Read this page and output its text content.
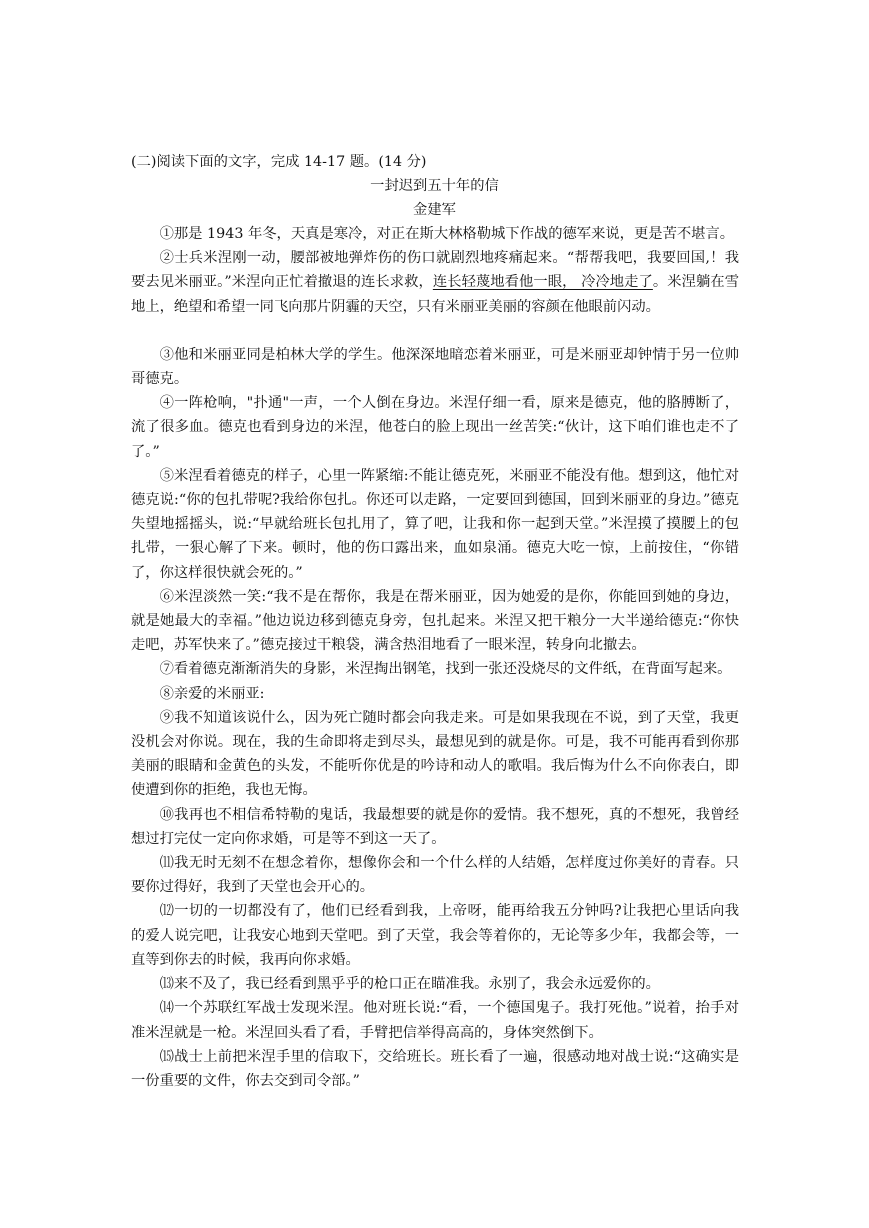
(二)阅读下面的文字，完成 14-17 题。(14 分)
一封迟到五十年的信
金建军

①那是 1943 年冬，天真是寒冷，对正在斯大林格勒城下作战的德军来说，更是苦不堪言。

②士兵米涅刚一动，腰部被地弹炸伤的伤口就剧烈地疼痛起来。“帮帮我吧，我要回国,！我要去见米丽亚。”米涅向正忙着撤退的连长求救，连长轻蔑地看他一眼， 冷冷地走了。米涅躺在雪地上，绝望和希望一同飞向那片阴霾的天空，只有米丽亚美丽的容颜在他眼前闪动。

③他和米丽亚同是柏林大学的学生。他深深地暗恋着米丽亚，可是米丽亚却钟情于另一位帅哥德克。

④一阵枪响，"扑通"一声，一个人倒在身边。米涅仔细一看，原来是德克，他的胳膊断了，流了很多血。德克也看到身边的米涅，他苍白的脸上现出一丝苦笑:“伙计，这下咱们谁也走不了了。”

⑤米涅看着德克的样子，心里一阵紧缩:不能让德克死，米丽亚不能没有他。想到这，他忙对德克说:“你的包扎带呢?我给你包扎。你还可以走路，一定要回到德国，回到米丽亚的身边。”德克失望地摇摇头，说:“早就给班长包扎用了，算了吧，让我和你一起到天堂。”米涅摸了摸腰上的包扎带，一狠心解了下来。顿时，他的伤口露出来，血如泉涌。德克大吃一惊，上前按住，“你错了，你这样很快就会死的。”

⑥米涅淡然一笑:“我不是在帮你，我是在帮米丽亚，因为她爱的是你，你能回到她的身边，就是她最大的幸福。”他边说边移到德克身旁，包扎起来。米涅又把干粮分一大半递给德克:“你快走吧，苏军快来了。”德克接过干粮袋，满含热泪地看了一眼米涅，转身向北撤去。

⑦看着德克渐渐消失的身影，米涅掏出钢笔，找到一张还没烧尽的文件纸，在背面写起来。

⑧亲爱的米丽亚:

⑨我不知道该说什么，因为死亡随时都会向我走来。可是如果我现在不说，到了天堂，我更没机会对你说。现在，我的生命即将走到尽头，最想见到的就是你。可是，我不可能再看到你那美丽的眼睛和金黄色的头发，不能听你优是的吟诗和动人的歌唱。我后悔为什么不向你表白，即使遭到你的拒绝，我也无悔。

⑩我再也不相信希特勒的鬼话，我最想要的就是你的爱情。我不想死，真的不想死，我曾经想过打完仗一定向你求婚，可是等不到这一天了。

⑾我无时无刻不在想念着你，想像你会和一个什么样的人结婚，怎样度过你美好的青春。只要你过得好，我到了天堂也会开心的。

⑿一切的一切都没有了，他们已经看到我，上帝呀，能再给我五分钟吗?让我把心里话向我的爱人说完吧，让我安心地到天堂吧。到了天堂，我会等着你的，无论等多少年，我都会等，一直等到你去的时候，我再向你求婚。

⒀来不及了，我已经看到黑乎乎的枪口正在瞄准我。永别了，我会永远爱你的。

⒁一个苏联红军战士发现米涅。他对班长说:“看，一个德国鬼子。我打死他。”说着，抬手对准米涅就是一枪。米涅回头看了看，手臂把信举得高高的，身体突然倒下。

⒂战士上前把米涅手里的信取下，交给班长。班长看了一遍，很感动地对战士说:“这确实是一份重要的文件，你去交到司令部。”
